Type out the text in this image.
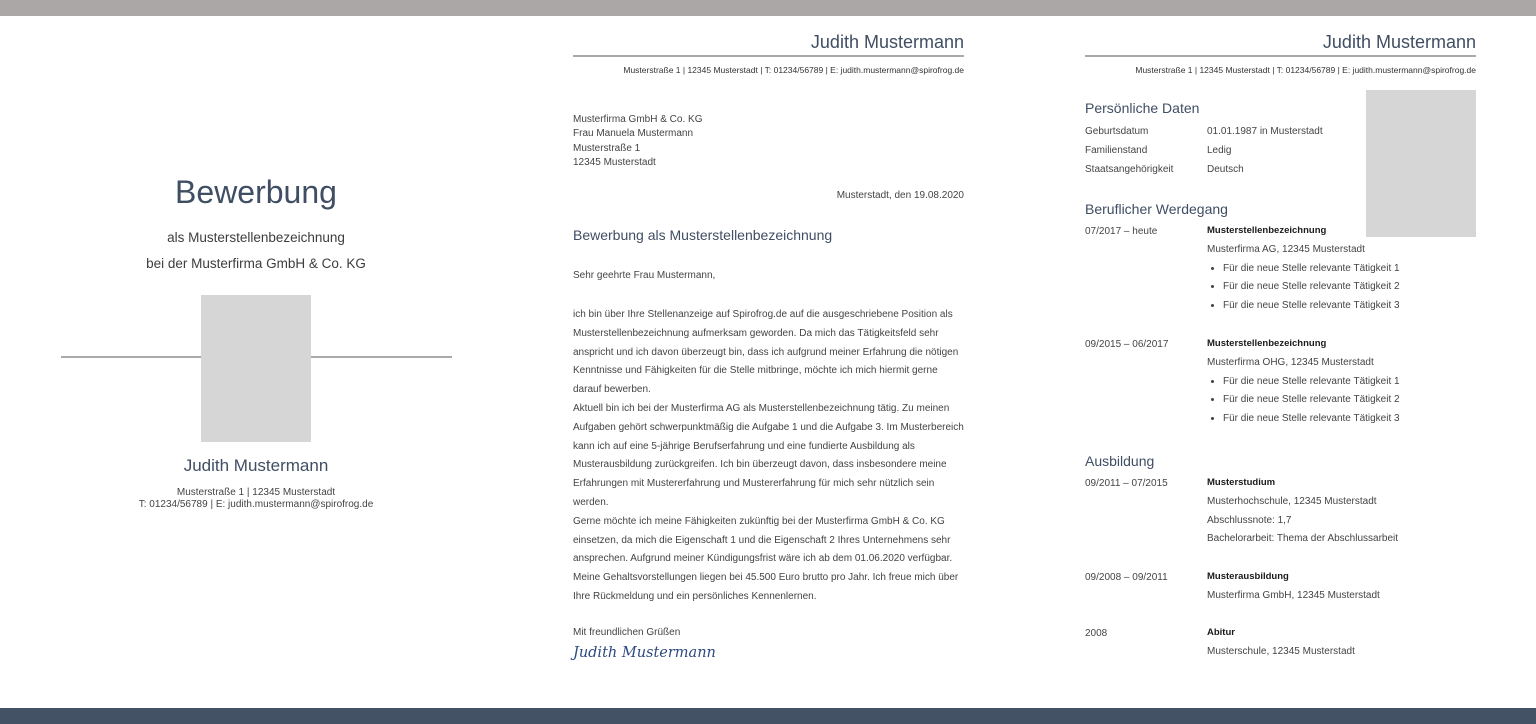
Bewerbung
als Musterstellenbezeichnung
bei der Musterfirma GmbH & Co. KG
Judith Mustermann
Musterstraße 1 | 12345 Musterstadt
T: 01234/56789 | E: judith.mustermann@spirofrog.de
Judith Mustermann
Musterstraße 1 | 12345 Musterstadt | T: 01234/56789 | E: judith.mustermann@spirofrog.de
Musterfirma GmbH & Co. KG
Frau Manuela Mustermann
Musterstraße 1
12345 Musterstadt
Musterstadt, den 19.08.2020
Bewerbung als Musterstellenbezeichnung
Sehr geehrte Frau Mustermann,

ich bin über Ihre Stellenanzeige auf Spirofrog.de auf die ausgeschriebene Position als Musterstellenbezeichnung aufmerksam geworden. Da mich das Tätigkeitsfeld sehr anspricht und ich davon überzeugt bin, dass ich aufgrund meiner Erfahrung die nötigen Kenntnisse und Fähigkeiten für die Stelle mitbringe, möchte ich mich hiermit gerne darauf bewerben.

Aktuell bin ich bei der Musterfirma AG als Musterstellenbezeichnung tätig. Zu meinen Aufgaben gehört schwerpunktmäßig die Aufgabe 1 und die Aufgabe 3. Im Musterbereich kann ich auf eine 5-jährige Berufserfahrung und eine fundierte Ausbildung als Musterausbildung zurückgreifen. Ich bin überzeugt davon, dass insbesondere meine Erfahrungen mit Mustererfahrung und Mustererfahrung für mich sehr nützlich sein werden.

Gerne möchte ich meine Fähigkeiten zukünftig bei der Musterfirma GmbH & Co. KG einsetzen, da mich die Eigenschaft 1 und die Eigenschaft 2 Ihres Unternehmens sehr ansprechen. Aufgrund meiner Kündigungsfrist wäre ich ab dem 01.06.2020 verfügbar. Meine Gehaltsvorstellungen liegen bei 45.500 Euro brutto pro Jahr. Ich freue mich über Ihre Rückmeldung und ein persönliches Kennenlernen.

Mit freundlichen Grüßen
Judith Mustermann
Judith Mustermann
Musterstraße 1 | 12345 Musterstadt | T: 01234/56789 | E: judith.mustermann@spirofrog.de
Persönliche Daten
Geburtsdatum	01.01.1987 in Musterstadt
Familienstand	Ledig
Staatsangehörigkeit	Deutsch
Beruflicher Werdegang
07/2017 – heute	Musterstellenbezeichnung
Musterfirma AG, 12345 Musterstadt
• Für die neue Stelle relevante Tätigkeit 1
• Für die neue Stelle relevante Tätigkeit 2
• Für die neue Stelle relevante Tätigkeit 3
09/2015 – 06/2017	Musterstellenbezeichnung
Musterfirma OHG, 12345 Musterstadt
• Für die neue Stelle relevante Tätigkeit 1
• Für die neue Stelle relevante Tätigkeit 2
• Für die neue Stelle relevante Tätigkeit 3
Ausbildung
09/2011 – 07/2015	Musterstudium
Musterhochschule, 12345 Musterstadt
Abschlussnote: 1,7
Bachelorarbeit: Thema der Abschlussarbeit
09/2008 – 09/2011	Musterausbildung
Musterfirma GmbH, 12345 Musterstadt
2008	Abitur
Musterschule, 12345 Musterstadt
